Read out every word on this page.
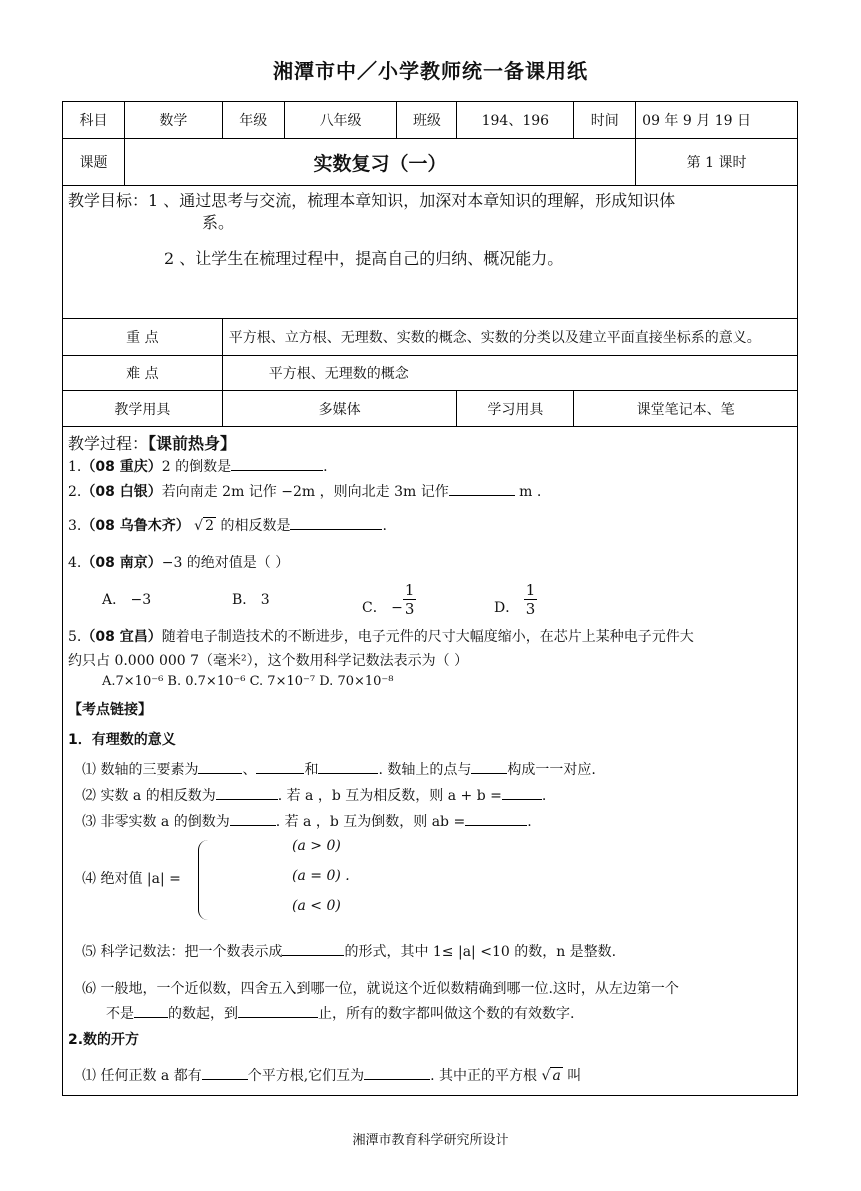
湘潭市中／小学教师统一备课用纸
科目	数学	年级	八年级	班级	194、196	时间	09 年 9 月 19 日
课题	实数复习（一）						第 1 课时

重 点		平方根、立方根、无理数、实数的概念、实数的分类以及建立平面直接坐标系的意义。					
难 点		平方根、无理数的概念					
教学用具		多媒体			学习用具	课堂笔记本、笔	
教学目标：1 、通过思考与交流，梳理本章知识，加深对本章知识的理解，形成知识体
系。
2 、让学生在梳理过程中，提高自己的归纳、概况能力。
教学过程：【课前热身】
1.（08 重庆）2 的倒数是	.
2.（08 白银）若向南走 2m 记作 −2m ，则向北走 3m 记作	m .
3.（08 乌鲁木齐） √ 2 的相反数是	.
4.（08 南京）−3 的绝对值是（ ）
A． −3	B． 3	C． − $\frac{1}{3}$	D． $\frac{1}{3}$
5.（08 宜昌）随着电子制造技术的不断进步，电子元件的尺寸大幅度缩小，在芯片上某种电子元件大
约只占 0.000 000 7（毫米²），这个数用科学记数法表示为（ ）
A.7×10⁻⁶ B. 0.7×10⁻⁶ C. 7×10⁻⁷ D. 70×10⁻⁸
【考点链接】
1．有理数的意义
⑴ 数轴的三要素为	、	和	. 数轴上的点与	构成一一对应.
⑵ 实数 a 的相反数为	. 若 a ，b 互为相反数，则 a + b =	.
⑶ 非零实数 a 的倒数为	. 若 a ，b 互为倒数，则 ab =	.
⑷ 绝对值 |a| =
(a > 0)
(a = 0) .
(a < 0)
⑸ 科学记数法：把一个数表示成	的形式，其中 1≤ |a| <10 的数，n 是整数.
⑹ 一般地，一个近似数，四舍五入到哪一位，就说这个近似数精确到哪一位.这时，从左边第一个
不是 的数起，到	止，所有的数字都叫做这个数的有效数字.
2.数的开方
⑴ 任何正数 a 都有	个平方根,它们互为	. 其中正的平方根 √ a 叫
湘潭市教育科学研究所设计
